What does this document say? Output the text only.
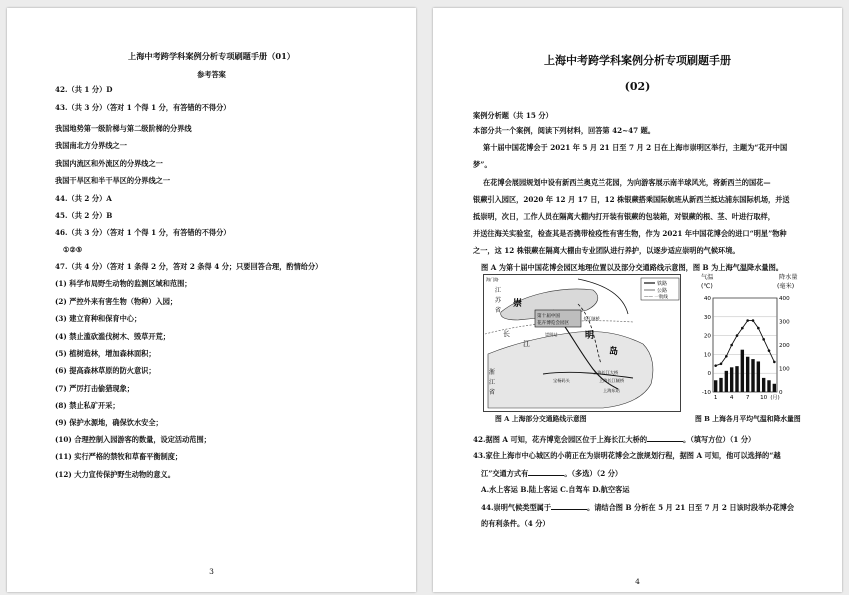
上海中考跨学科案例分析专项刷题手册（01）
参考答案
42.（共 1 分）D
43.（共 3 分）（答对 1 个得 1 分，有答错的不得分）
我国地势第一级阶梯与第二级阶梯的分界线
我国南北方分界线之一
我国内流区和外流区的分界线之一
我国干旱区和半干旱区的分界线之一
44.（共 2 分）A
45.（共 2 分）B
46.（共 3 分）（答对 1 个得 1 分，有答错的不得分）
①②⑤
47.（共 4 分）（答对 1 条得 2 分，答对 2 条得 4 分；只要回答合理，酌情给分）
(1) 科学布局野生动物的监测区域和范围；
(2) 严控外来有害生物（物种）入园；
(3) 建立育种和保育中心；
(4) 禁止滥砍滥伐树木、毁草开荒；
(5) 植树造林，增加森林面积；
(6) 提高森林草原的防火意识；
(7) 严厉打击偷猎现象；
(8) 禁止私矿开采；
(9) 保护水源地，确保饮水安全；
(10) 合理控制入园游客的数量，设定活动范围；
(11) 实行严格的禁牧和草畜平衡制度；
(12) 大力宣传保护野生动物的意义。
3
上海中考跨学科案例分析专项刷题手册
(02)
案例分析题（共 15 分）
本部分共一个案例，阅读下列材料，回答第 42~47 题。
第十届中国花博会于 2021 年 5 月 21 日至 7 月 2 日在上海市崇明区举行，主题为“花开中国
梦”。
在花博会展园规划中设有新西兰奥克兰花园，为向游客展示南半球风光，将新西兰的国花—
银蕨引入园区，2020 年 12 月 17 日，12 株银蕨搭乘国际航班从新西兰抵达浦东国际机场，并送
抵崇明，次日，工作人员在隔离大棚内打开装有银蕨的包装箱，对银蕨的根、茎、叶进行取样，
并送往海关实验室，检查其是否携带检疫性有害生物，作为 2021 年中国花博会的进口“明星”物种
之一，这 12 株银蕨在隔离大棚由专业团队进行养护，以逐步适应崇明的气候环境。
图 A 为第十届中国花博会园区地理位置以及部分交通路线示意图，图 B 为上海气温降水量图。
铁路
公路
—— 一航线
崇
明
岛
江
苏
省
长
江
浙
江
省
第十届中国
花卉博览会园区
海门路
崇明站
长江隧桥
上海长江隧桥
宝杨码头
上海东站
上海长江大桥
气温
(℃)
降水量
(毫米)
40
30
20
10
0
-10
400
300
200
100
0
1 4 7 10 (月)
图 A 上海部分交通路线示意图	图 B 上海各月平均气温和降水量图
42.据图 A 可知，花卉博览会园区位于上海长江大桥的	。（填写方位）（1 分）
43.家住上海市中心城区的小萌正在为崇明花博会之旅规划行程，据图 A 可知，他可以选择的“越
江”交通方式有	。（多选）（2 分）
A.水上客运 B.陆上客运 C.自驾车 D.航空客运
44.崇明气候类型属于	。请结合图 B 分析在 5 月 21 日至 7 月 2 日该时段举办花博会
的有利条件。（4 分）
4
